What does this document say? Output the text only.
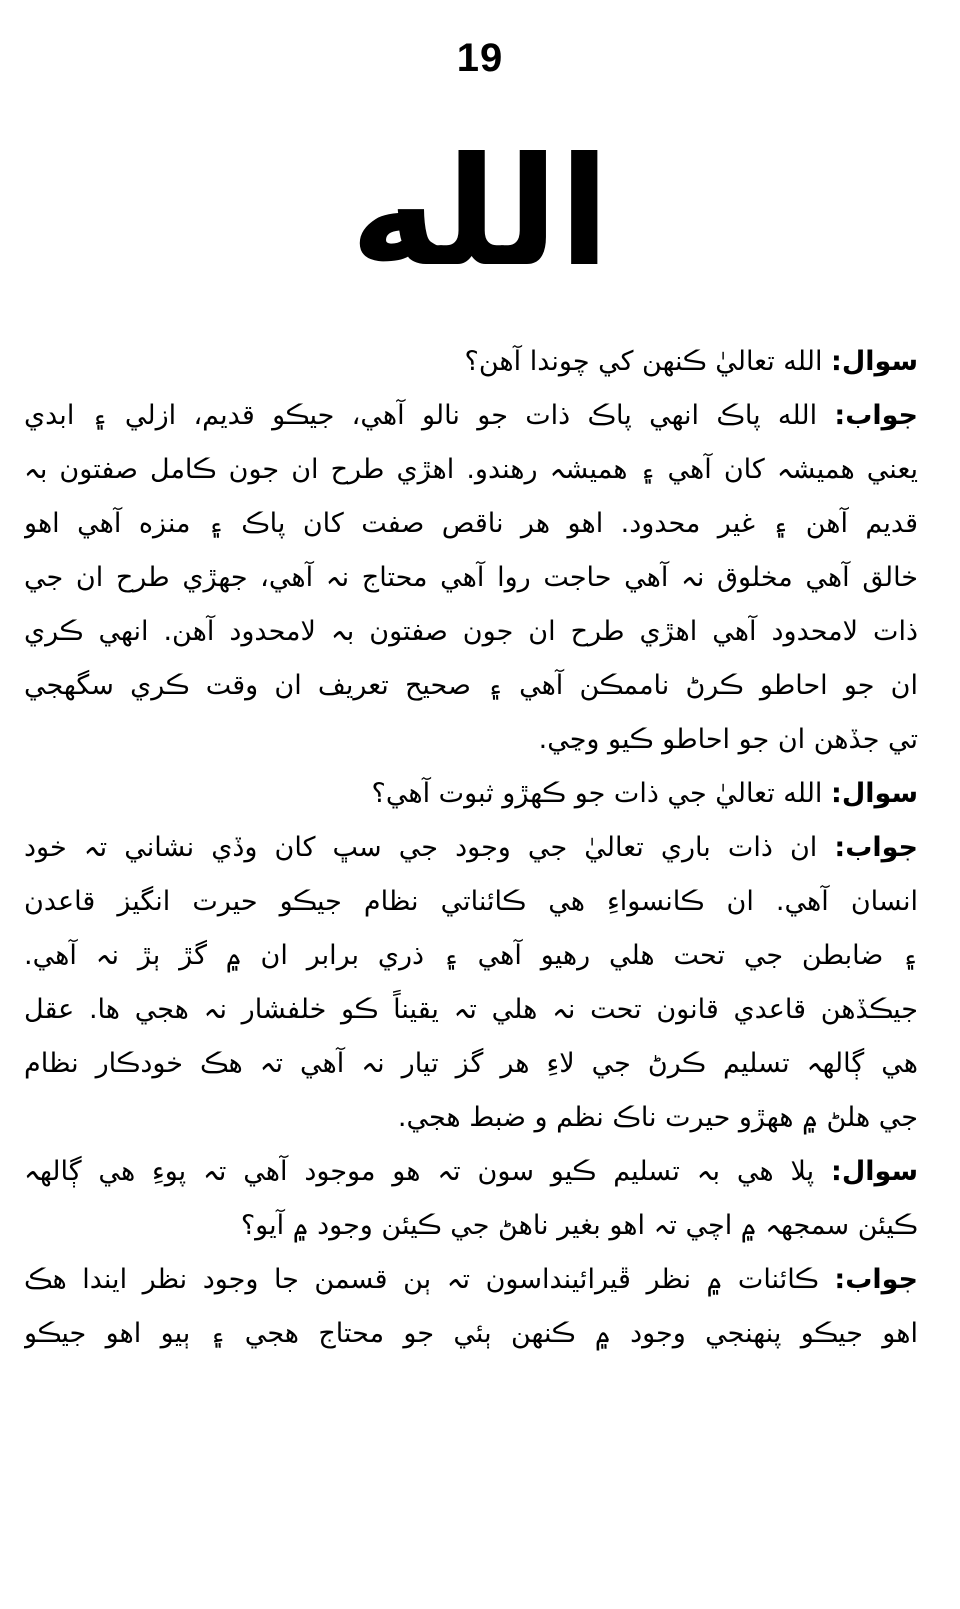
19
الله
سوال: الله تعاليٰ ڪنهن کي چوندا آهن؟
جواب: الله پاڪ انهي پاڪ ذات جو نالو آهي، جيڪو قديم، ازلي ۽ ابدي
يعني هميشہ کان آهي ۽ هميشہ رهندو. اهڙي طرح ان جون ڪامل صفتون بہ
قديم آهن ۽ غير محدود. اهو هر ناقص صفت کان پاڪ ۽ منزه آهي اهو
خالق آهي مخلوق نہ آهي حاجت روا آهي محتاج نہ آهي، جهڙي طرح ان جي
ذات لامحدود آهي اهڙي طرح ان جون صفتون بہ لامحدود آهن. انهي ڪري
ان جو احاطو ڪرڻ ناممڪن آهي ۽ صحيح تعريف ان وقت ڪري سگهجي
تي جڏهن ان جو احاطو ڪيو وڃي.
سوال: الله تعاليٰ جي ذات جو ڪهڙو ثبوت آهي؟
جواب: ان ذات باري تعاليٰ جي وجود جي سڀ کان وڏي نشاني تہ خود
انسان آهي. ان ڪانسواءِ هي ڪائناتي نظام جيڪو حيرت انگيز قاعدن
۽ ضابطن جي تحت هلي رهيو آهي ۽ ذري برابر ان ۾ گڙ ٻڙ نہ آهي.
جيڪڏهن قاعدي قانون تحت نہ هلي تہ يقيناً ڪو خلفشار نہ هجي ها. عقل
هي ڳالهہ تسليم ڪرڻ جي لاءِ هر گز تيار نہ آهي تہ هڪ خودڪار نظام
جي هلڻ ۾ ههڙو حيرت ناڪ نظم و ضبط هجي.
سوال: پلا هي بہ تسليم ڪيو سون تہ هو موجود آهي تہ پوءِ هي ڳالهہ
ڪيئن سمجهہ ۾ اچي تہ اهو بغير ناهڻ جي ڪيئن وجود ۾ آيو؟
جواب: ڪائنات ۾ نظر ڦيرائينداسون تہ ٻن قسمن جا وجود نظر ايندا هڪ
اهو جيڪو پنهنجي وجود ۾ ڪنهن ٻئي جو محتاج هجي ۽ ٻيو اهو جيڪو
